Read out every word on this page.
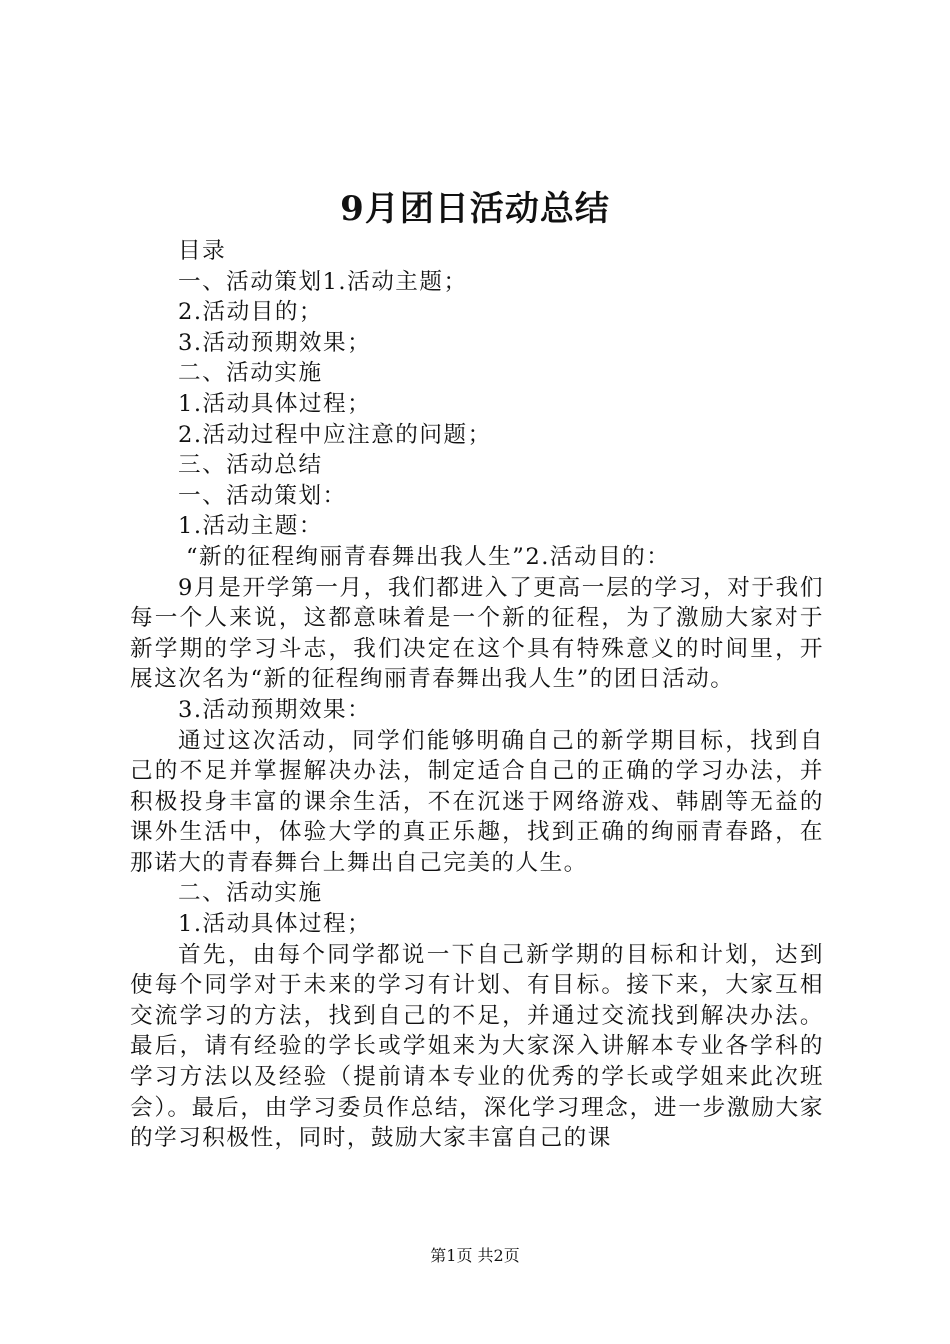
9月团日活动总结

目录

一、活动策划1.活动主题；

2.活动目的；

3.活动预期效果；

二、活动实施

1.活动具体过程；

2.活动过程中应注意的问题；

三、活动总结

一、活动策划：

1.活动主题：

“新的征程绚丽青春舞出我人生”2.活动目的：

9月是开学第一月，我们都进入了更高一层的学习，对于我们每一个人来说，这都意味着是一个新的征程，为了激励大家对于新学期的学习斗志，我们决定在这个具有特殊意义的时间里，开展这次名为“新的征程绚丽青春舞出我人生”的团日活动。

3.活动预期效果：

通过这次活动，同学们能够明确自己的新学期目标，找到自己的不足并掌握解决办法，制定适合自己的正确的学习办法，并积极投身丰富的课余生活，不在沉迷于网络游戏、韩剧等无益的课外生活中，体验大学的真正乐趣，找到正确的绚丽青春路，在那诺大的青春舞台上舞出自己完美的人生。

二、活动实施

1.活动具体过程；

首先，由每个同学都说一下自己新学期的目标和计划，达到使每个同学对于未来的学习有计划、有目标。接下来，大家互相交流学习的方法，找到自己的不足，并通过交流找到解决办法。最后，请有经验的学长或学姐来为大家深入讲解本专业各学科的学习方法以及经验（提前请本专业的优秀的学长或学姐来此次班会）。最后，由学习委员作总结，深化学习理念，进一步激励大家的学习积极性，同时，鼓励大家丰富自己的课

第1页 共2页
